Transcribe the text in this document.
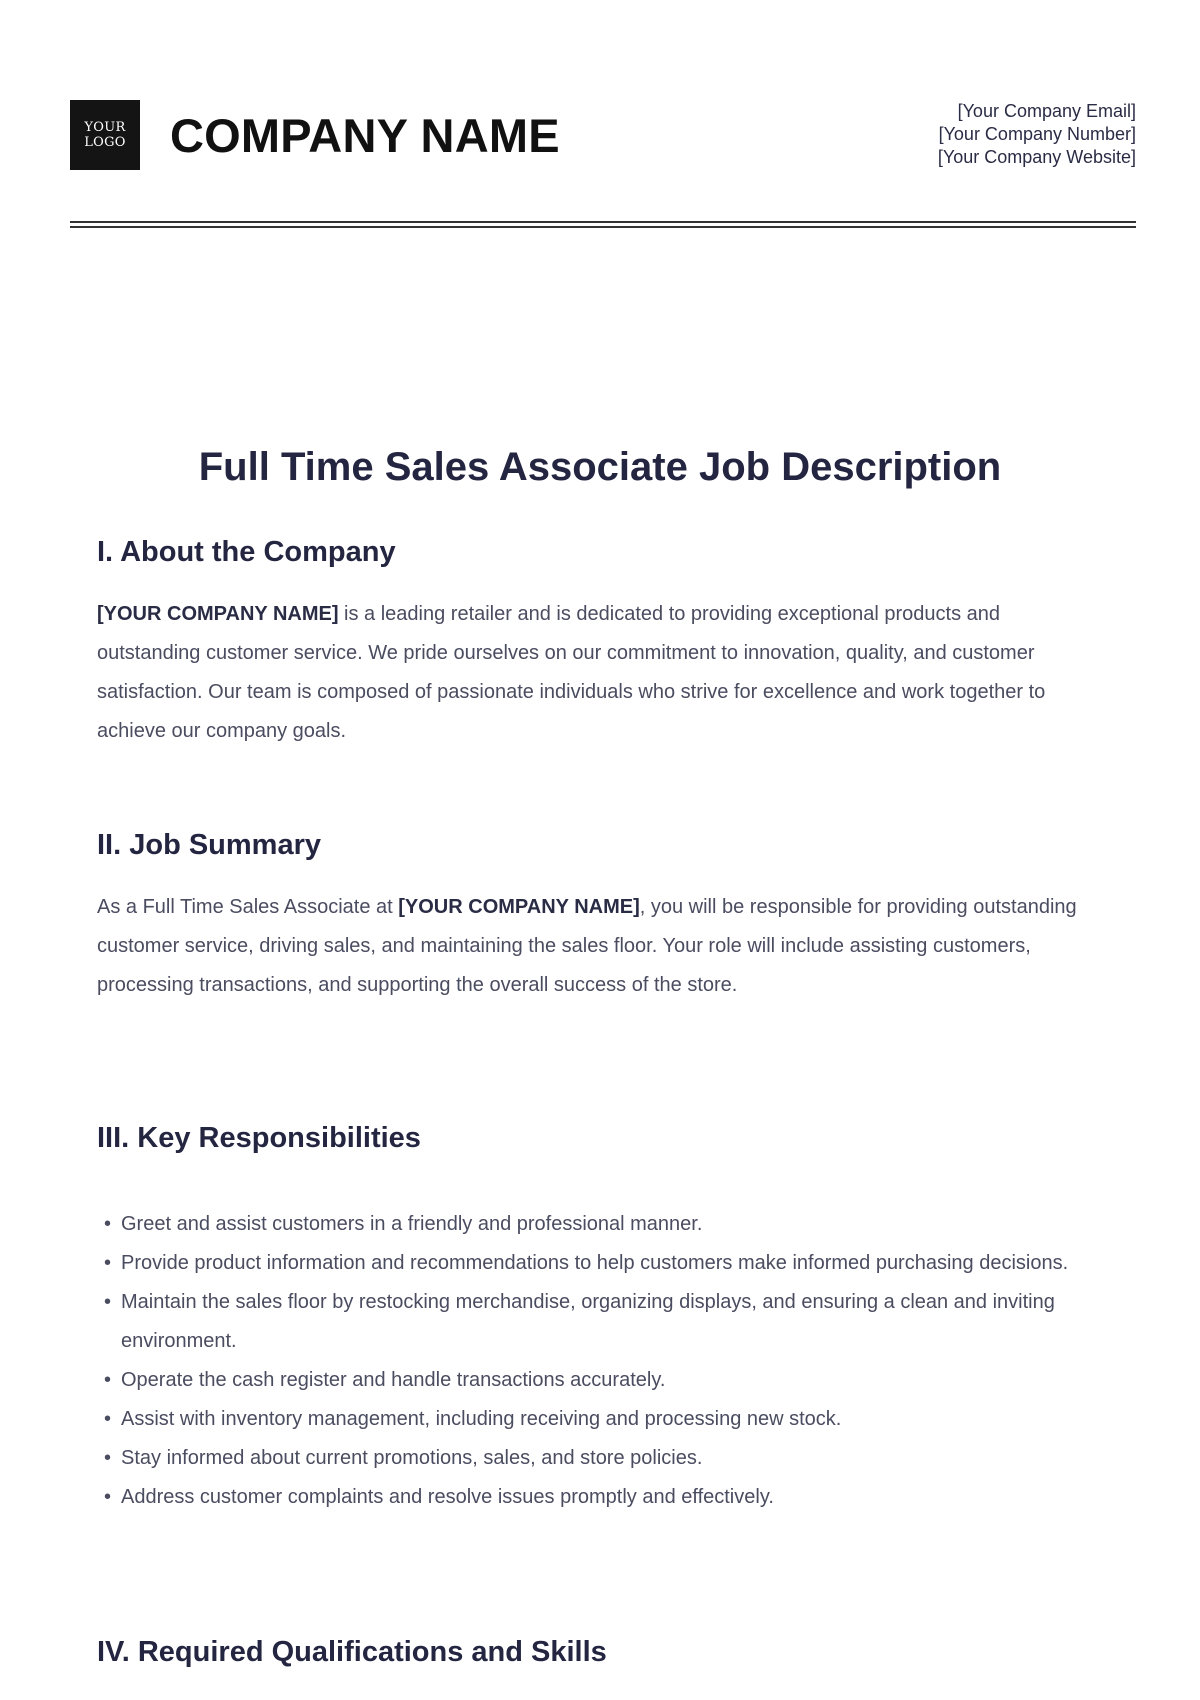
YOUR
LOGO COMPANY NAME	[Your Company Email]
[Your Company Number]
[Your Company Website]
Full Time Sales Associate Job Description
I. About the Company

[YOUR COMPANY NAME] is a leading retailer and is dedicated to providing exceptional products and outstanding customer service. We pride ourselves on our commitment to innovation, quality, and customer satisfaction. Our team is composed of passionate individuals who strive for excellence and work together to achieve our company goals.

II. Job Summary

As a Full Time Sales Associate at [YOUR COMPANY NAME], you will be responsible for providing outstanding customer service, driving sales, and maintaining the sales floor. Your role will include assisting customers, processing transactions, and supporting the overall success of the store.

III. Key Responsibilities
• Greet and assist customers in a friendly and professional manner.
• Provide product information and recommendations to help customers make informed purchasing decisions.
• Maintain the sales floor by restocking merchandise, organizing displays, and ensuring a clean and inviting environment.
• Operate the cash register and handle transactions accurately.
• Assist with inventory management, including receiving and processing new stock.
• Stay informed about current promotions, sales, and store policies.
• Address customer complaints and resolve issues promptly and effectively.
IV. Required Qualifications and Skills
